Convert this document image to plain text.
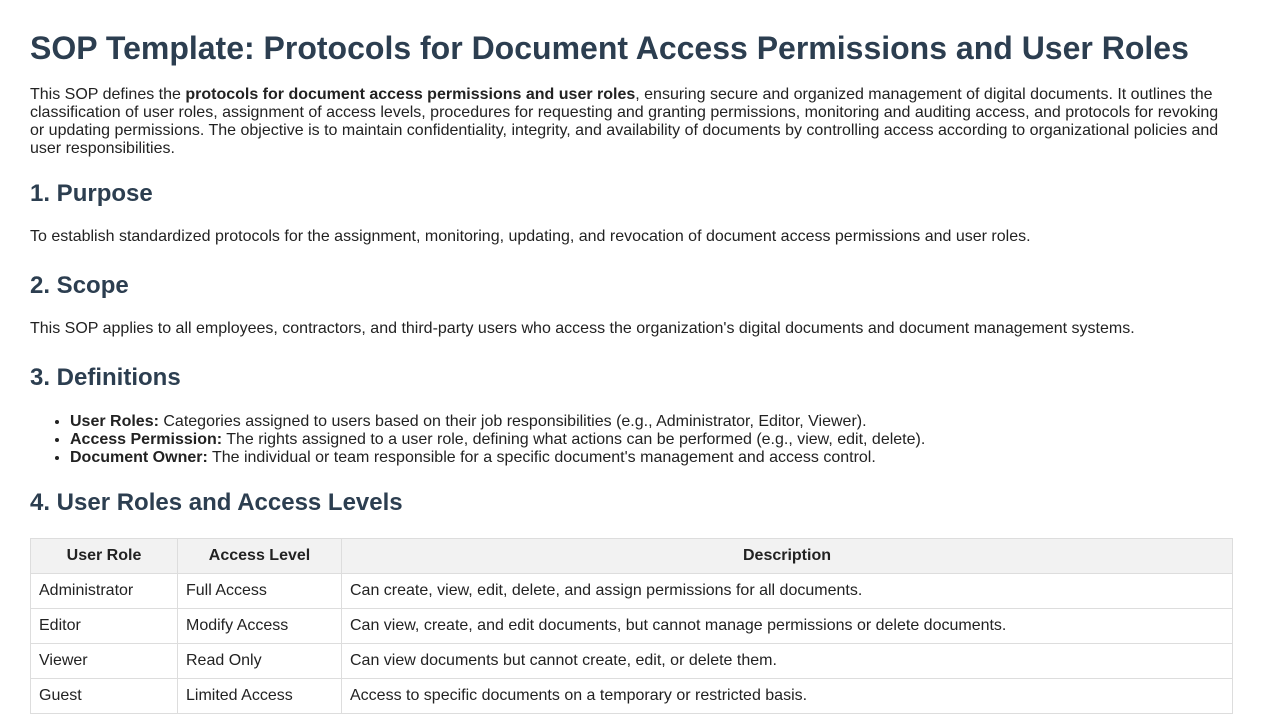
SOP Template: Protocols for Document Access Permissions and User Roles

This SOP defines the protocols for document access permissions and user roles, ensuring secure and organized management of digital documents. It outlines the classification of user roles, assignment of access levels, procedures for requesting and granting permissions, monitoring and auditing access, and protocols for revoking or updating permissions. The objective is to maintain confidentiality, integrity, and availability of documents by controlling access according to organizational policies and user responsibilities.

1. Purpose

To establish standardized protocols for the assignment, monitoring, updating, and revocation of document access permissions and user roles.

2. Scope

This SOP applies to all employees, contractors, and third-party users who access the organization's digital documents and document management systems.

3. Definitions
• User Roles: Categories assigned to users based on their job responsibilities (e.g., Administrator, Editor, Viewer).
• Access Permission: The rights assigned to a user role, defining what actions can be performed (e.g., view, edit, delete).
• Document Owner: The individual or team responsible for a specific document's management and access control.
4. User Roles and Access Levels
User Role	Access Level	Description
Administrator	Full Access	Can create, view, edit, delete, and assign permissions for all documents.
Editor	Modify Access	Can view, create, and edit documents, but cannot manage permissions or delete documents.
Viewer	Read Only	Can view documents but cannot create, edit, or delete them.
Guest	Limited Access	Access to specific documents on a temporary or restricted basis.
